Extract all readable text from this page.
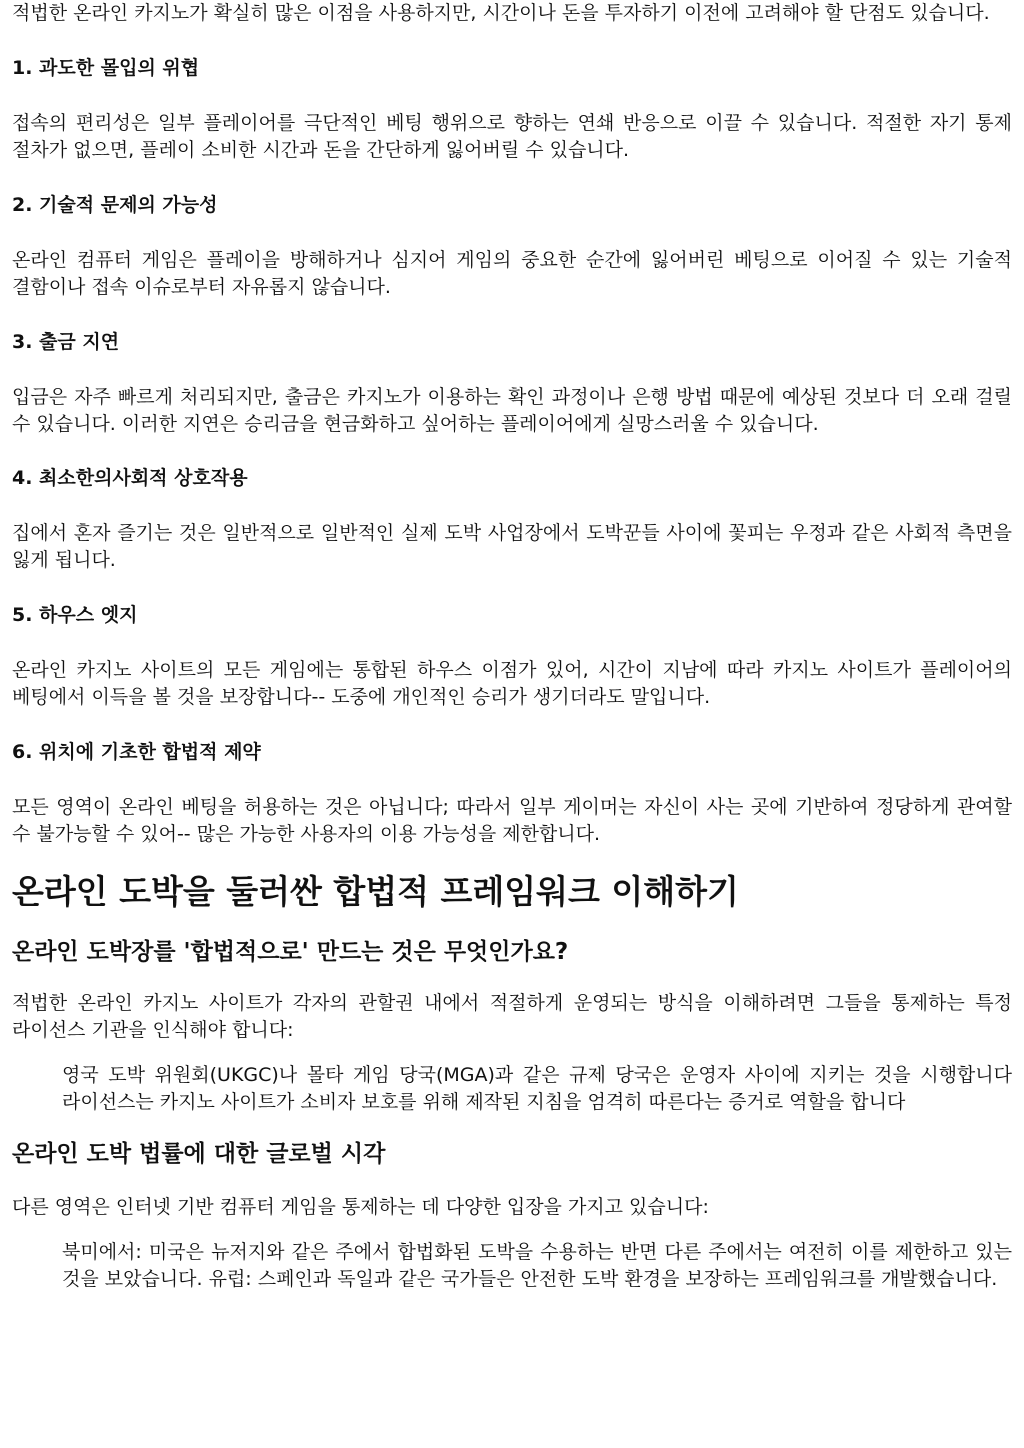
적법한 온라인 카지노가 확실히 많은 이점을 사용하지만, 시간이나 돈을 투자하기 이전에 고려해야 할 단점도 있습니다.

1. 과도한 몰입의 위협

접속의 편리성은 일부 플레이어를 극단적인 베팅 행위으로 향하는 연쇄 반응으로 이끌 수 있습니다. 적절한 자기 통제 절차가 없으면, 플레이 소비한 시간과 돈을 간단하게 잃어버릴 수 있습니다.

2. 기술적 문제의 가능성

온라인 컴퓨터 게임은 플레이을 방해하거나 심지어 게임의 중요한 순간에 잃어버린 베팅으로 이어질 수 있는 기술적 결함이나 접속 이슈로부터 자유롭지 않습니다.

3. 출금 지연

입금은 자주 빠르게 처리되지만, 출금은 카지노가 이용하는 확인 과정이나 은행 방법 때문에 예상된 것보다 더 오래 걸릴 수 있습니다. 이러한 지연은 승리금을 현금화하고 싶어하는 플레이어에게 실망스러울 수 있습니다.

4. 최소한의사회적 상호작용

집에서 혼자 즐기는 것은 일반적으로 일반적인 실제 도박 사업장에서 도박꾼들 사이에 꽃피는 우정과 같은 사회적 측면을 잃게 됩니다.

5. 하우스 엣지

온라인 카지노 사이트의 모든 게임에는 통합된 하우스 이점가 있어, 시간이 지남에 따라 카지노 사이트가 플레이어의 베팅에서 이득을 볼 것을 보장합니다-- 도중에 개인적인 승리가 생기더라도 말입니다.

6. 위치에 기초한 합법적 제약

모든 영역이 온라인 베팅을 허용하는 것은 아닙니다; 따라서 일부 게이머는 자신이 사는 곳에 기반하여 정당하게 관여할 수 불가능할 수 있어-- 많은 가능한 사용자의 이용 가능성을 제한합니다.

온라인 도박을 둘러싼 합법적 프레임워크 이해하기
온라인 도박장를 '합법적으로' 만드는 것은 무엇인가요?

적법한 온라인 카지노 사이트가 각자의 관할권 내에서 적절하게 운영되는 방식을 이해하려면 그들을 통제하는 특정 라이선스 기관을 인식해야 합니다:

영국 도박 위원회(UKGC)나 몰타 게임 당국(MGA)과 같은 규제 당국은 운영자 사이에 지키는 것을 시행합니다 라이선스는 카지노 사이트가 소비자 보호를 위해 제작된 지침을 엄격히 따른다는 증거로 역할을 합니다

온라인 도박 법률에 대한 글로벌 시각

다른 영역은 인터넷 기반 컴퓨터 게임을 통제하는 데 다양한 입장을 가지고 있습니다:

북미에서: 미국은 뉴저지와 같은 주에서 합법화된 도박을 수용하는 반면 다른 주에서는 여전히 이를 제한하고 있는 것을 보았습니다. 유럽: 스페인과 독일과 같은 국가들은 안전한 도박 환경을 보장하는 프레임워크를 개발했습니다.
